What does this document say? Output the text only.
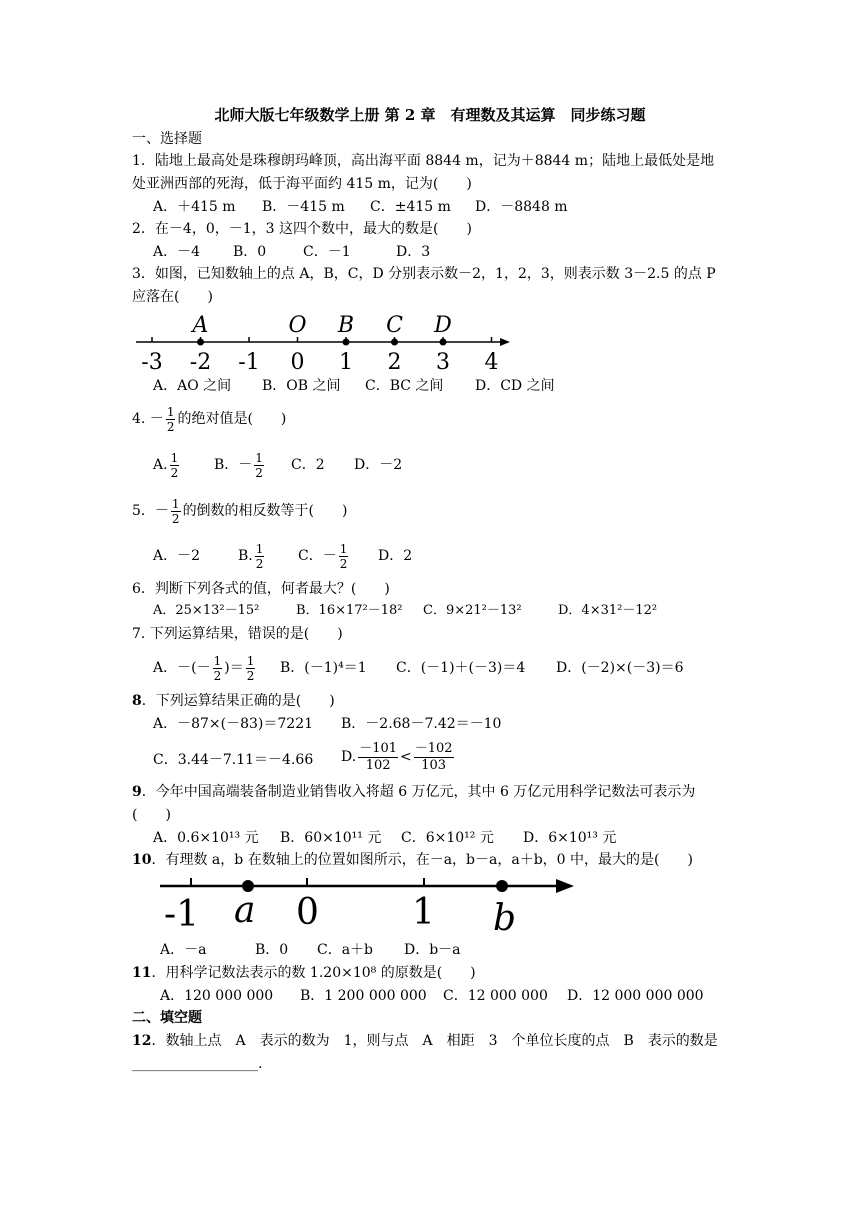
北师大版七年级数学上册 第 2 章　有理数及其运算　同步练习题
一、选择题
1．陆地上最高处是珠穆朗玛峰顶，高出海平面 8844 m，记为＋8844 m；陆地上最低处是地
处亚洲西部的死海，低于海平面约 415 m，记为(　　)
A．＋415 m B．－415 m C．±415 m D．－8848 m
2．在－4，0，－1，3 这四个数中，最大的数是(　　)
A．－4 B．0	C．－1	D．3
3．如图，已知数轴上的点 A，B，C，D 分别表示数－2，1，2，3，则表示数 3－2.5 的点 P
应落在(　　)
-3 -2 -1 0 1 2 3 4
A	O B C D
A．AO 之间 B．OB 之间 C．BC 之间 D．CD 之间
4. － $\frac{1}{2}$ 的绝对值是(　　)
A. $\frac{1}{2}$ B．－ $\frac{1}{2}$ C．2 D．－2
5．－ $\frac{1}{2}$ 的倒数的相反数等于(　　)
A．－2	B. $\frac{1}{2}$ C．－ $\frac{1}{2}$ D．2
6．判断下列各式的值，何者最大？(　　)
A．25×13²－15²	B．16×17²－18² C．9×21²－13²	D．4×31²－12²
7. 下列运算结果，错误的是(　　)
A．－(－ $\frac{1}{2}$ )＝ $\frac{1}{2}$ B．(－1)⁴＝1 C．(－1)＋(－3)＝4 D．(－2)×(－3)＝6
8．下列运算结果正确的是(　　)
A．－87×(－83)＝7221 B．－2.68－7.42＝－10
C．3.44－7.11＝－4.66 D. $\frac{-101}{102} < \frac{-102}{103}$
9．今年中国高端装备制造业销售收入将超 6 万亿元，其中 6 万亿元用科学记数法可表示为
(　　)
A．0.6×10¹³ 元 B．60×10¹¹ 元 C．6×10¹² 元 D．6×10¹³ 元
10．有理数 a，b 在数轴上的位置如图所示，在－a，b－a，a＋b，0 中，最大的是(　　)
-1 a 0	1 b
A．－a	B．0 C．a＋b D．b－a
11．用科学记数法表示的数 1.20×10⁸ 的原数是(　　)
A．120 000 000 B．1 200 000 000 C．12 000 000 D．12 000 000 000
二、填空题
12．数轴上点　A　表示的数为　1，则与点　A　相距　3　个单位长度的点　B　表示的数是
__________________.
